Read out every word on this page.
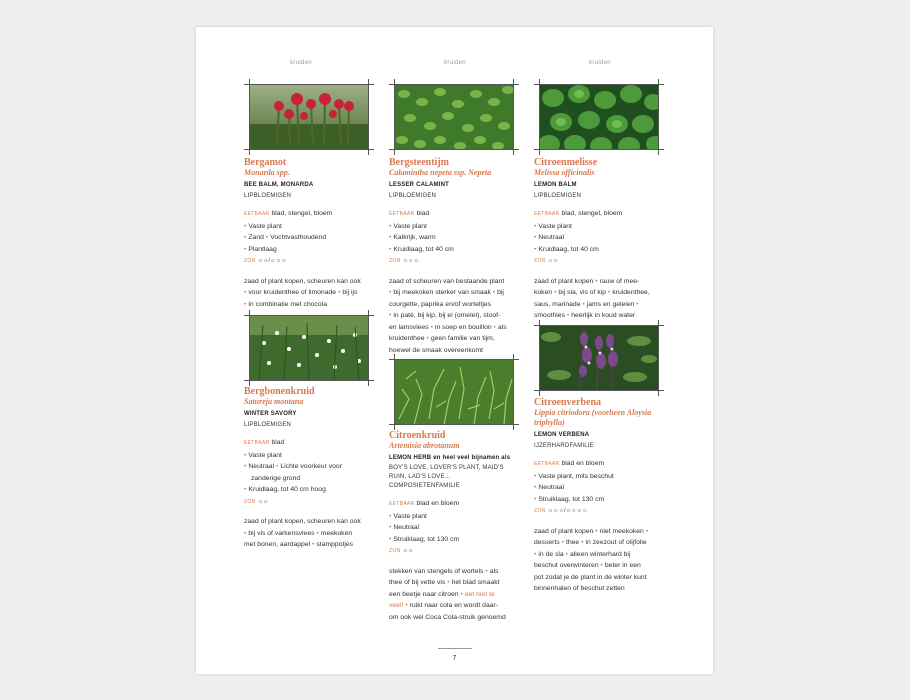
kruiden	kruiden	kruiden
Bergamot
Monarda spp.
BEE BALM, MONARDA
LIPBLOEMIGEN
EETBAAR blad, stengel, bloem
• Vaste plant
• Zand • Vochtvasthoudend
• Plantlaag
ZON ☼☼/☼☼☼
zaad of plant kopen, scheuren kan ook
• voor kruidenthee of limonade • bij ijs
• in combinatie met chocola
Bergbonenkruid
Satureja montana
WINTER SAVORY
LIPBLOEMIGEN
EETBAAR blad
• Vaste plant
• Neutraal • Lichte voorkeur voor
zanderige grond
• Kruidlaag, tot 40 cm hoog
ZON ☼☼
zaad of plant kopen, scheuren kan ook
• bij vis of varkensvlees • meekoken
met bonen, aardappel • stamppotjes
Bergsteentijm
Calamintha nepeta ssp. Nepeta
LESSER CALAMINT
LIPBLOEMIGEN
EETBAAR blad
• Vaste plant
• Kalkrijk, warm
• Kruidlaag, tot 40 cm
ZON ☼☼☼
zaad of scheuren van bestaande plant
• bij meekoken sterker van smaak • bij
courgette, paprika en/of worteltjes
• in paté, bij kip, bij ei (omelet), stoof-
en lamsvlees • in soep en bouillon • als
kruidenthee • geen familie van tijm,
hoewel de smaak overeenkomt
Citroenkruid
Artemisia abrotanum
LEMON HERB en heel veel bijnamen als
BOY'S LOVE, LOVER'S PLANT, MAID'S
RUIN, LAD'S LOVE...
COMPOSIETENFAMILIE
EETBAAR blad en bloem
• Vaste plant
• Neutraal
• Struiklaag, tot 130 cm
ZON ☼☼
stekken van stengels of wortels • als
thee of bij vette vis • het blad smaakt
een beetje naar citroen • eet niet te
veel! • ruikt naar cola en wordt daar-
om ook wel Coca Cola-struik genoemd
Citroenmelisse
Melissa officinalis
LEMON BALM
LIPBLOEMIGEN
EETBAAR blad, stengel, bloem
• Vaste plant
• Neutraal
• Kruidlaag, tot 40 cm
ZON ☼☼
zaad of plant kopen • rauw of mee-
koken • bij sla, vis of kip • kruidenthee,
saus, marinade • jams en geleien •
smoothies • heerlijk in koud water
Citroenverbena
Lippia citriodora (voorheen Aloysia
triphylla)
LEMON VERBENA
IJZERHARDFAMILIE
EETBAAR blad en bloem
• Vaste plant, mits beschut
• Neutraal
• Struiklaag, tot 130 cm
ZON ☼☼☼/☼☼☼☼
zaad of plant kopen • niet meekoken •
desserts • thee • in zeezout of olijfolie
• in de sla • alleen winterhard bij
beschut overwinteren • beter in een
pot zodat je de plant in de winter kunt
binnenhalen of beschut zetten
7
